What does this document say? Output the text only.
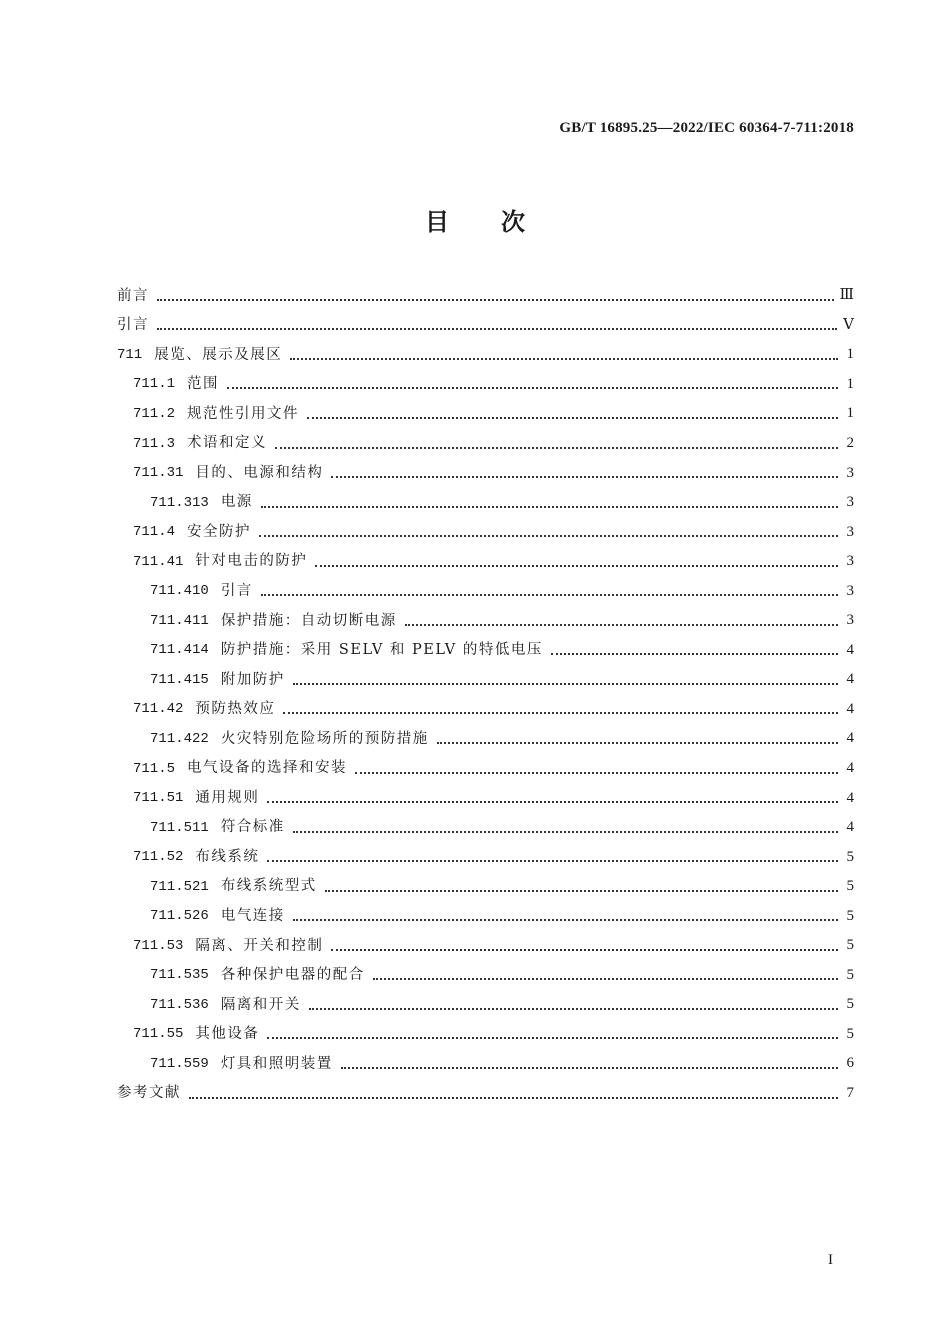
GB/T 16895.25—2022/IEC 60364-7-711:2018
目 次
前言	Ⅲ
引言	Ⅴ
711 展览、展示及展区	1
711.1 范围	1
711.2 规范性引用文件	1
711.3 术语和定义	2
711.31 目的、电源和结构	3
711.313 电源	3
711.4 安全防护	3
711.41 针对电击的防护	3
711.410 引言	3
711.411 保护措施：自动切断电源	3
711.414 防护措施：采用 SELV 和 PELV 的特低电压	4
711.415 附加防护	4
711.42 预防热效应	4
711.422 火灾特别危险场所的预防措施	4
711.5 电气设备的选择和安装	4
711.51 通用规则	4
711.511 符合标准	4
711.52 布线系统	5
711.521 布线系统型式	5
711.526 电气连接	5
711.53 隔离、开关和控制	5
711.535 各种保护电器的配合	5
711.536 隔离和开关	5
711.55 其他设备	5
711.559 灯具和照明装置	6
参考文献	7
I
